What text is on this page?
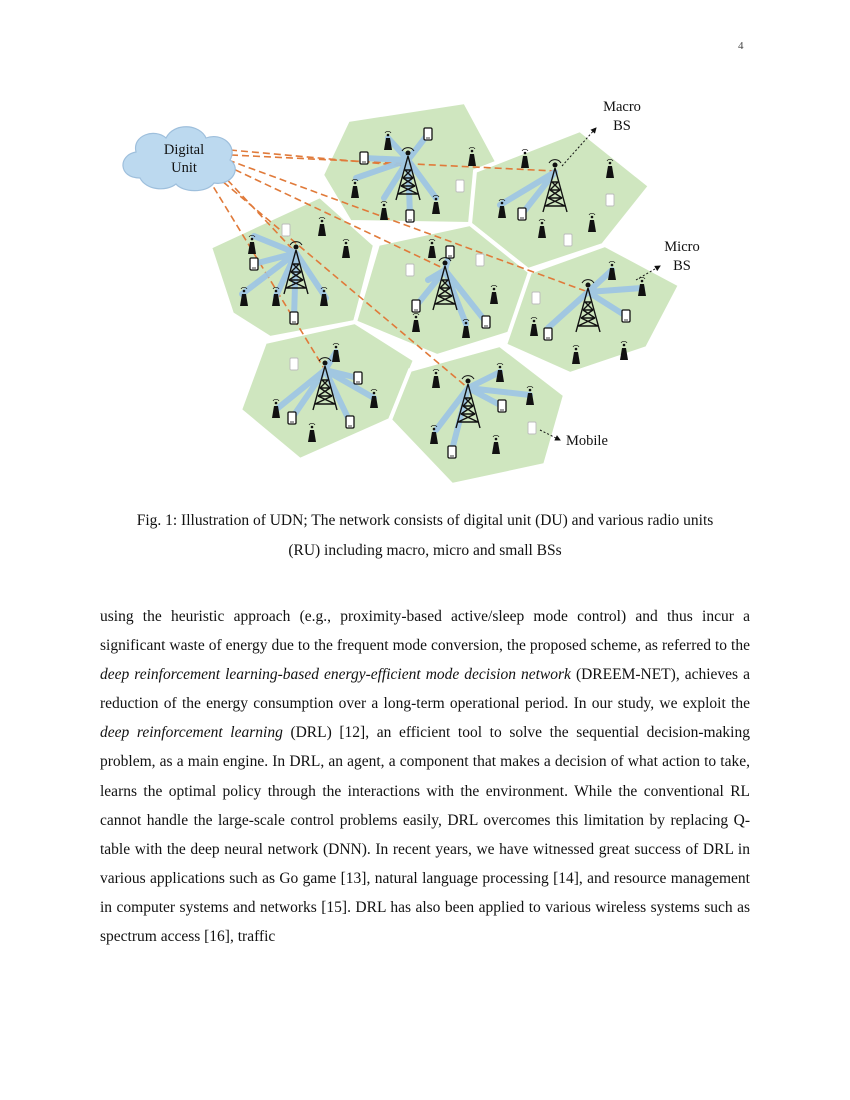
4
Digital
Unit
Macro
BS
Micro
BS
Mobile
Fig. 1: Illustration of UDN; The network consists of digital unit (DU) and various radio units
(RU) including macro, micro and small BSs
using the heuristic approach (e.g., proximity-based active/sleep mode control) and thus incur a significant waste of energy due to the frequent mode conversion, the proposed scheme, as referred to the deep reinforcement learning-based energy-efficient mode decision network (DREEM-NET), achieves a reduction of the energy consumption over a long-term operational period. In our study, we exploit the deep reinforcement learning (DRL) [12], an efficient tool to solve the sequential decision-making problem, as a main engine. In DRL, an agent, a component that makes a decision of what action to take, learns the optimal policy through the interactions with the environment. While the conventional RL cannot handle the large-scale control problems easily, DRL overcomes this limitation by replacing Q-table with the deep neural network (DNN). In recent years, we have witnessed great success of DRL in various applications such as Go game [13], natural language processing [14], and resource management in computer systems and networks [15]. DRL has also been applied to various wireless systems such as spectrum access [16], traffic
